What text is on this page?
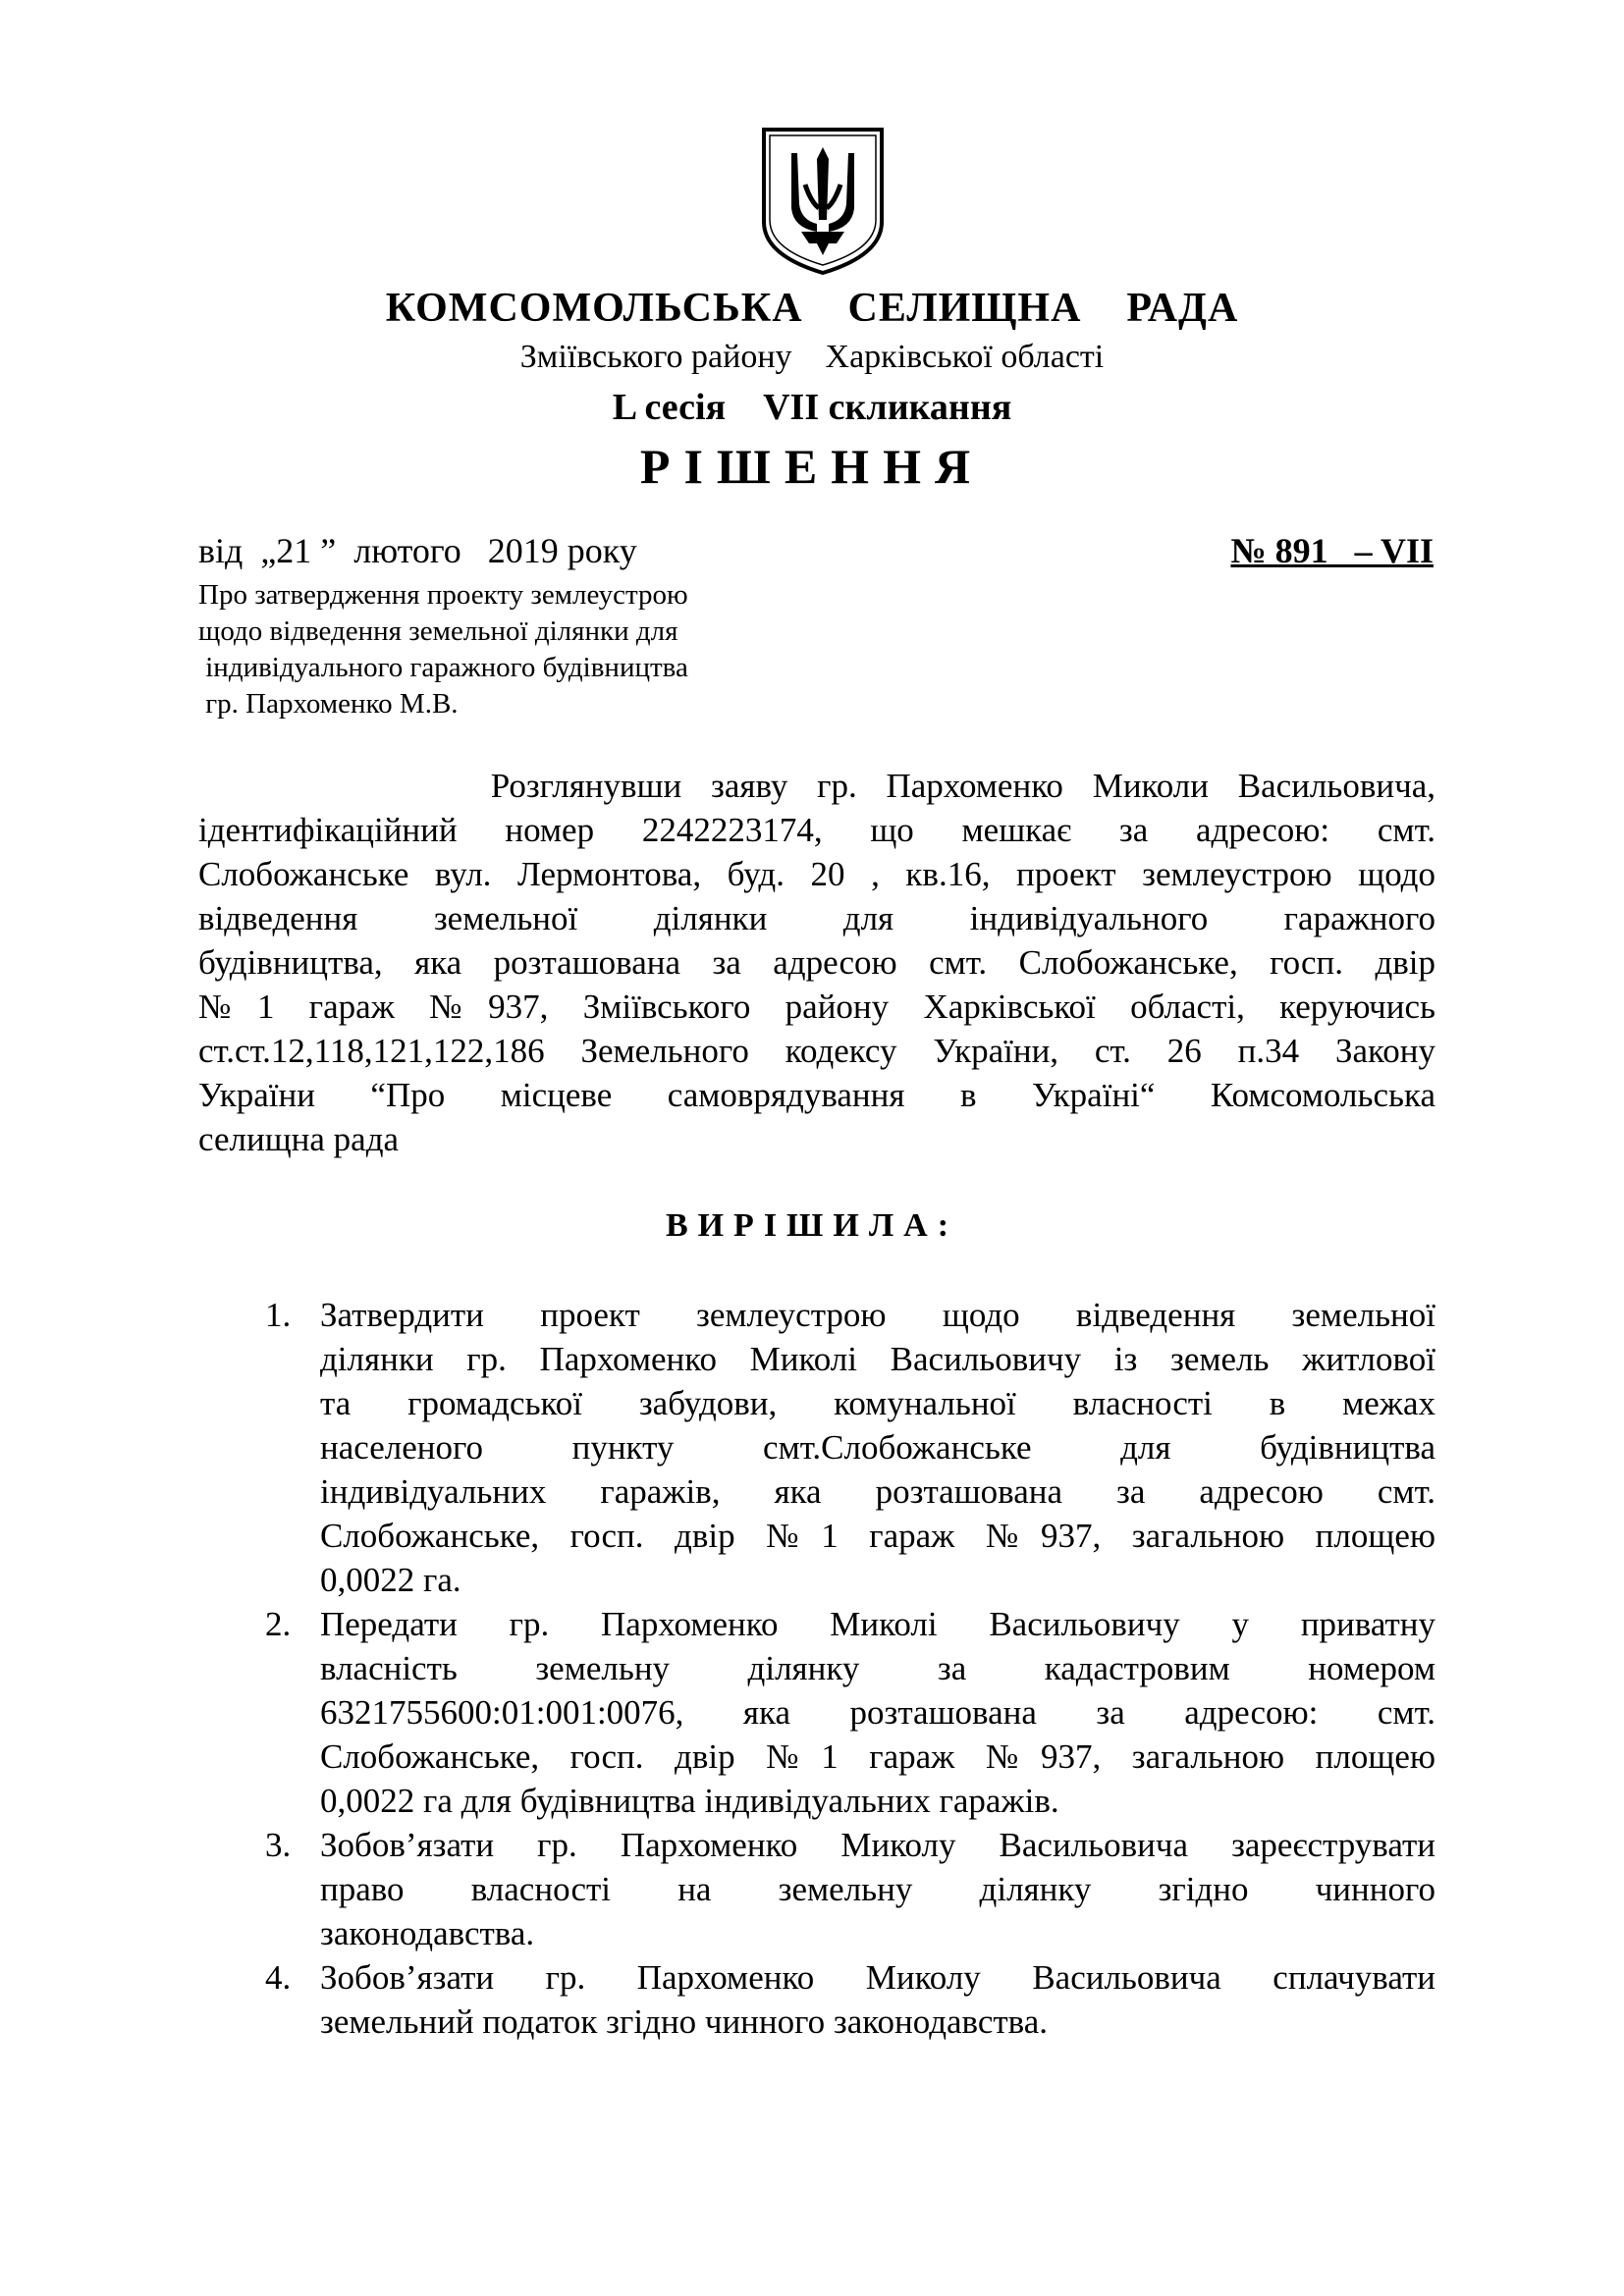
КОМСОМОЛЬСЬКА    СЕЛИЩНА    РАДА
Зміївського району    Харківської області
L сесія    VII скликання
РІШЕННЯ
від  „21 ”  лютого   2019 року	№ 891   – VII
Про затвердження проекту землеустрою
щодо відведення земельної ділянки для
індивідуального гаражного будівництва
гр. Пархоменко М.В.
Розглянувши заяву гр. Пархоменко Миколи Васильовича,
ідентифікаційний номер 2242223174, що мешкає за адресою: смт.
Слобожанське вул. Лермонтова, буд. 20 , кв.16, проект землеустрою щодо
відведення земельної ділянки для індивідуального гаражного
будівництва, яка розташована за адресою смт. Слобожанське, госп. двір
№1 гараж №937, Зміївського району Харківської області, керуючись
ст.ст.12,118,121,122,186 Земельного кодексу України, ст. 26 п.34 Закону
України “Про місцеве самоврядування в Україні“ Комсомольська
селищна рада
ВИРІШИЛА:
1. Затвердити проект землеустрою щодо відведення земельної
ділянки гр. Пархоменко Миколі Васильовичу із земель житлової
та громадської забудови, комунальної власності в межах
населеного пункту смт.Слобожанське для будівництва
індивідуальних гаражів, яка розташована за адресою смт.
Слобожанське, госп. двір №1 гараж №937, загальною площею
0,0022 га.
2. Передати гр. Пархоменко Миколі Васильовичу у приватну
власність земельну ділянку за кадастровим номером
6321755600:01:001:0076, яка розташована за адресою: смт.
Слобожанське, госп. двір №1 гараж №937, загальною площею
0,0022 га для будівництва індивідуальних гаражів.
3. Зобов’язати гр. Пархоменко Миколу Васильовича зареєструвати
право власності на земельну ділянку згідно чинного
законодавства.
4. Зобов’язати гр. Пархоменко Миколу Васильовича сплачувати
земельний податок згідно чинного законодавства.
